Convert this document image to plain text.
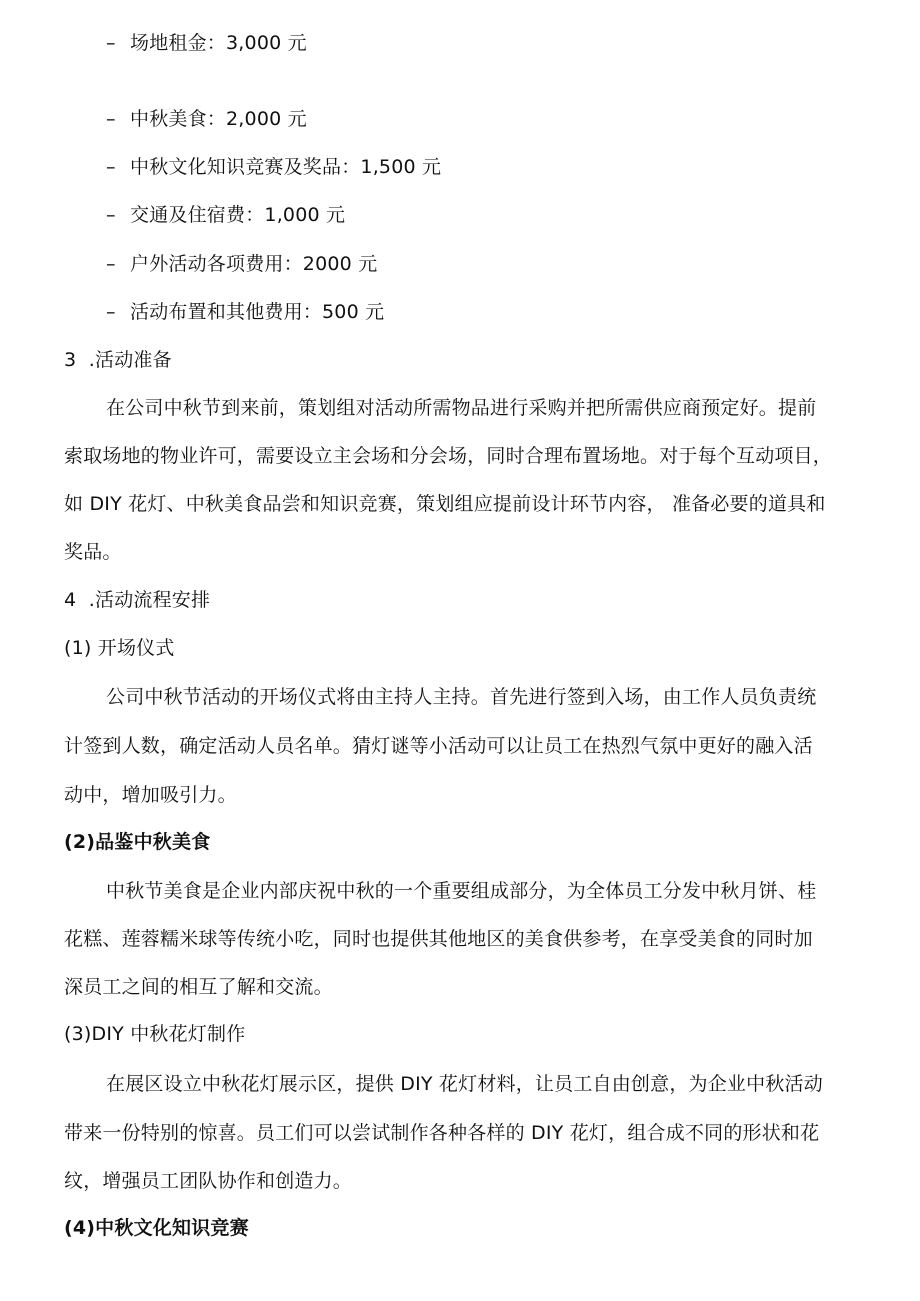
– 场地租金：3,000 元
– 中秋美食：2,000 元
– 中秋文化知识竞赛及奖品：1,500 元
– 交通及住宿费：1,000 元
– 户外活动各项费用：2000 元
– 活动布置和其他费用：500 元
3  .活动准备
在公司中秋节到来前，策划组对活动所需物品进行采购并把所需供应商预定好。提前
索取场地的物业许可，需要设立主会场和分会场，同时合理布置场地。对于每个互动项目，
如 DIY 花灯、中秋美食品尝和知识竞赛，策划组应提前设计环节内容， 准备必要的道具和
奖品。
4  .活动流程安排
(1) 开场仪式
公司中秋节活动的开场仪式将由主持人主持。首先进行签到入场，由工作人员负责统
计签到人数，确定活动人员名单。猜灯谜等小活动可以让员工在热烈气氛中更好的融入活
动中，增加吸引力。
(2)品鉴中秋美食
中秋节美食是企业内部庆祝中秋的一个重要组成部分，为全体员工分发中秋月饼、桂
花糕、莲蓉糯米球等传统小吃，同时也提供其他地区的美食供参考，在享受美食的同时加
深员工之间的相互了解和交流。
(3)DIY 中秋花灯制作
在展区设立中秋花灯展示区，提供 DIY 花灯材料，让员工自由创意，为企业中秋活动
带来一份特别的惊喜。员工们可以尝试制作各种各样的 DIY 花灯，组合成不同的形状和花
纹，增强员工团队协作和创造力。
(4)中秋文化知识竞赛
